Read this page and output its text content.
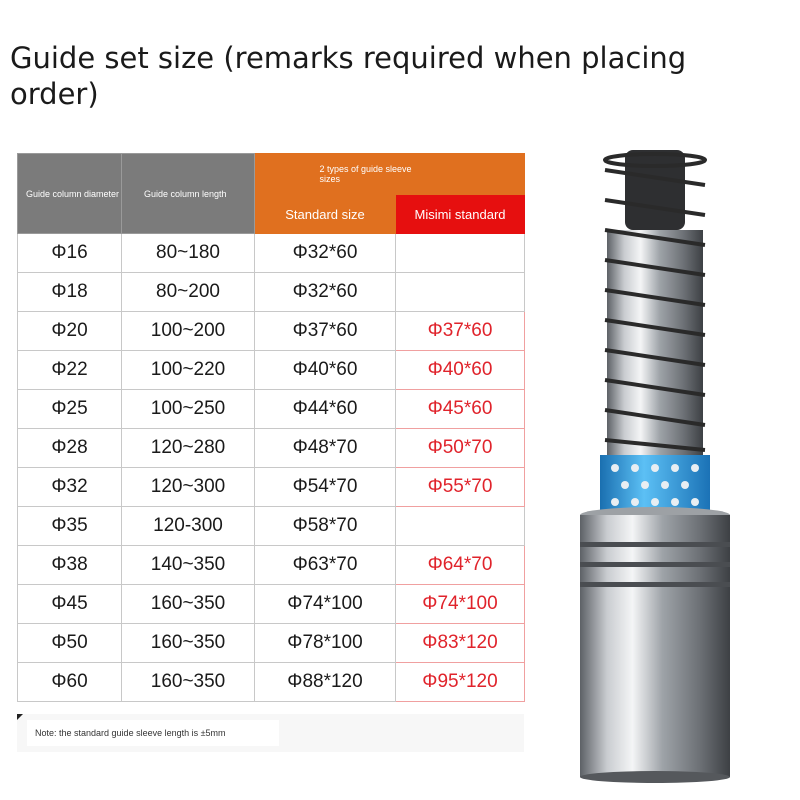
Guide set size (remarks required when placing order)
Guide column diameter	Guide column length	2 types of guide sleeve sizes	
		Standard size	Misimi standard
Φ16	80~180	Φ32*60	
Φ18	80~200	Φ32*60	
Φ20	100~200	Φ37*60	Φ37*60
Φ22	100~220	Φ40*60	Φ40*60
Φ25	100~250	Φ44*60	Φ45*60
Φ28	120~280	Φ48*70	Φ50*70
Φ32	120~300	Φ54*70	Φ55*70
Φ35	120-300	Φ58*70	
Φ38	140~350	Φ63*70	Φ64*70
Φ45	160~350	Φ74*100	Φ74*100
Φ50	160~350	Φ78*100	Φ83*120
Φ60	160~350	Φ88*120	Φ95*120
Note: the standard guide sleeve length is ±5mm
